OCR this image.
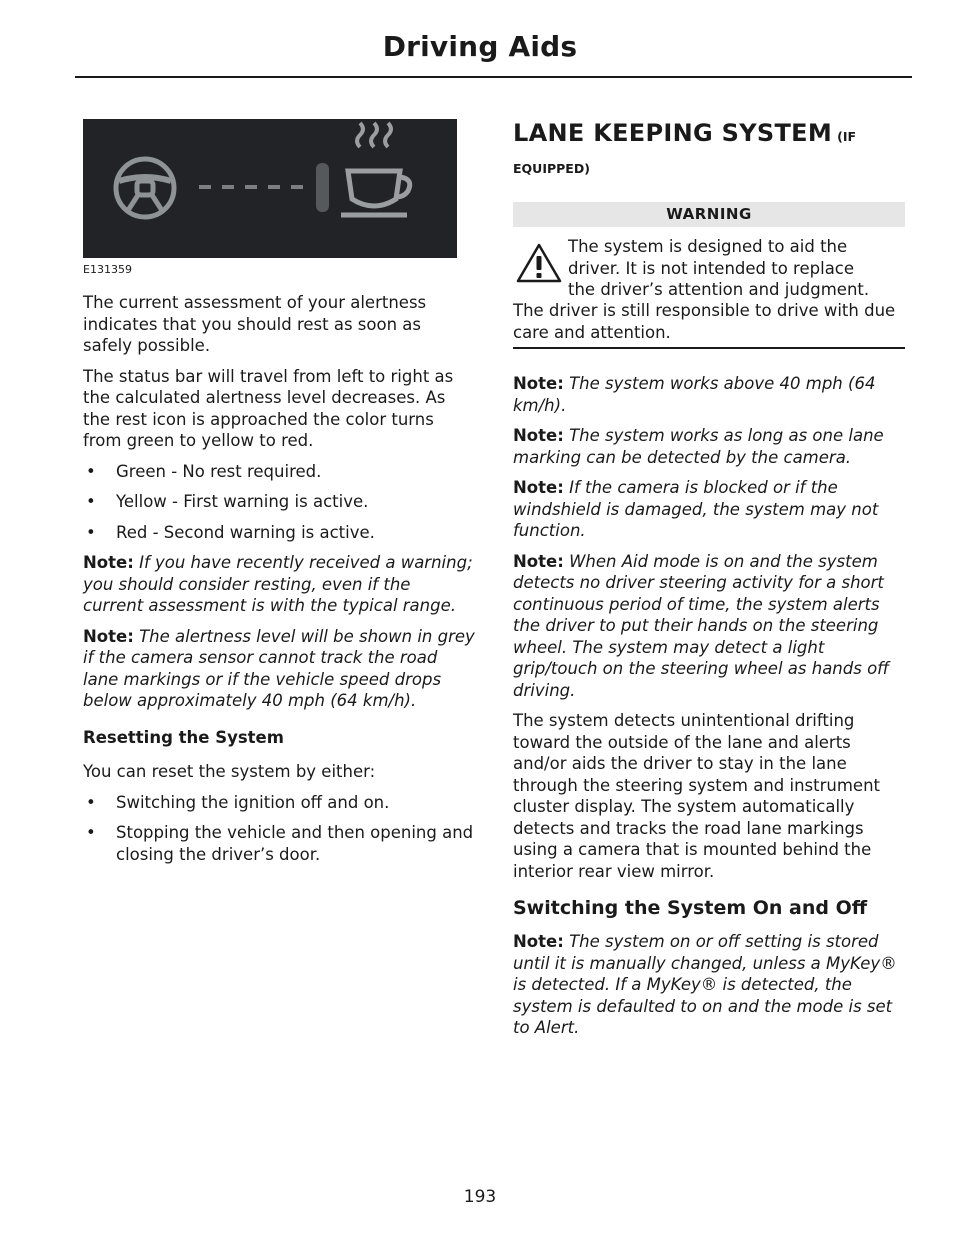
Driving Aids
E131359

The current assessment of your alertness indicates that you should rest as soon as safely possible.

The status bar will travel from left to right as the calculated alertness level decreases. As the rest icon is approached the color turns from green to yellow to red.

• Green - No rest required.
• Yellow - First warning is active.
• Red - Second warning is active.

Note: If you have recently received a warning; you should consider resting, even if the current assessment is with the typical range.

Note: The alertness level will be shown in grey if the camera sensor cannot track the road lane markings or if the vehicle speed drops below approximately 40 mph (64 km/h).

Resetting the System

You can reset the system by either:

• Switching the ignition off and on.
• Stopping the vehicle and then opening and closing the driver’s door.
LANE KEEPING SYSTEM (IF
EQUIPPED)
WARNING

The system is designed to aid the

driver. It is not intended to replace

the driver’s attention and judgment.

The driver is still responsible to drive with due care and attention.

Note: The system works above 40 mph (64 km/h).

Note: The system works as long as one lane marking can be detected by the camera.

Note: If the camera is blocked or if the windshield is damaged, the system may not function.

Note: When Aid mode is on and the system detects no driver steering activity for a short continuous period of time, the system alerts the driver to put their hands on the steering wheel. The system may detect a light grip/touch on the steering wheel as hands off driving.

The system detects unintentional drifting toward the outside of the lane and alerts and/or aids the driver to stay in the lane through the steering system and instrument cluster display. The system automatically detects and tracks the road lane markings using a camera that is mounted behind the interior rear view mirror.

Switching the System On and Off

Note: The system on or off setting is stored until it is manually changed, unless a MyKey® is detected. If a MyKey® is detected, the system is defaulted to on and the mode is set to Alert.

193
